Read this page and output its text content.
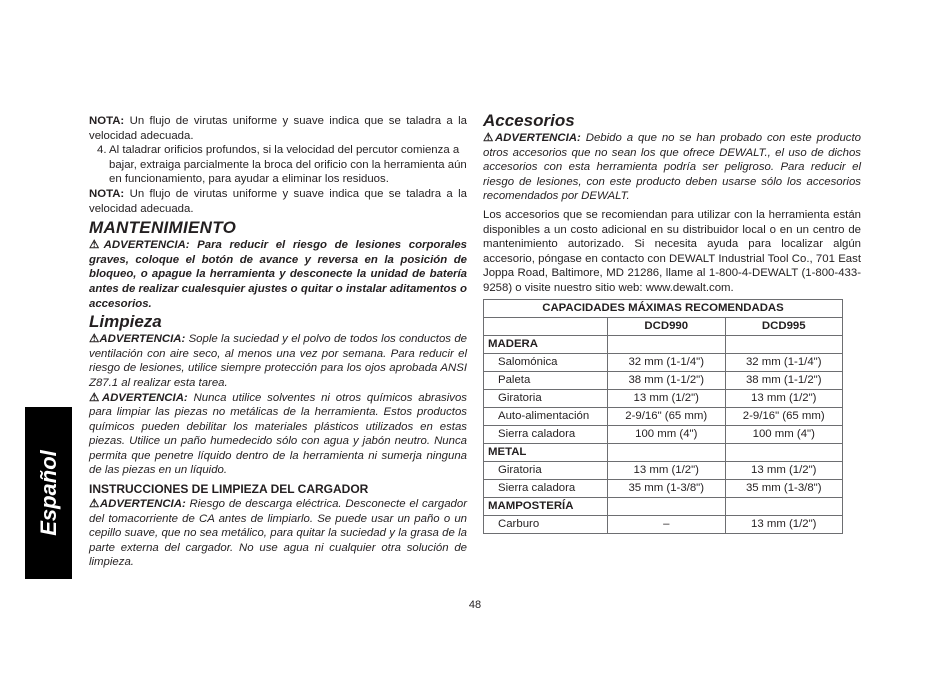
Español

NOTA: Un flujo de virutas uniforme y suave indica que se taladra a la velocidad adecuada.

4. Al taladrar orificios profundos, si la velocidad del percutor comienza a bajar, extraiga parcialmente la broca del orificio con la herramienta aún en funcionamiento, para ayudar a eliminar los residuos.

NOTA: Un flujo de virutas uniforme y suave indica que se taladra a la velocidad adecuada.

MANTENIMIENTO

⚠ADVERTENCIA: Para reducir el riesgo de lesiones corporales graves, coloque el botón de avance y reversa en la posición de bloqueo, o apague la herramienta y desconecte la unidad de batería antes de realizar cualesquier ajustes o quitar o instalar aditamentos o accesorios.

Limpieza

⚠ADVERTENCIA: Sople la suciedad y el polvo de todos los conductos de ventilación con aire seco, al menos una vez por semana. Para reducir el riesgo de lesiones, utilice siempre protección para los ojos aprobada ANSI Z87.1 al realizar esta tarea.

⚠ADVERTENCIA: Nunca utilice solventes ni otros químicos abrasivos para limpiar las piezas no metálicas de la herramienta. Estos productos químicos pueden debilitar los materiales plásticos utilizados en estas piezas. Utilice un paño humedecido sólo con agua y jabón neutro. Nunca permita que penetre líquido dentro de la herramienta ni sumerja ninguna de las piezas en un líquido.

INSTRUCCIONES DE LIMPIEZA DEL CARGADOR

⚠ADVERTENCIA: Riesgo de descarga eléctrica. Desconecte el cargador del tomacorriente de CA antes de limpiarlo. Se puede usar un paño o un cepillo suave, que no sea metálico, para quitar la suciedad y la grasa de la parte externa del cargador. No use agua ni cualquier otra solución de limpieza.

Accesorios

⚠ADVERTENCIA: Debido a que no se han probado con este producto otros accesorios que no sean los que ofrece DEWALT., el uso de dichos accesorios con esta herramienta podría ser peligroso. Para reducir el riesgo de lesiones, con este producto deben usarse sólo los accesorios recomendados por DEWALT.

Los accesorios que se recomiendan para utilizar con la herramienta están disponibles a un costo adicional en su distribuidor local o en un centro de mantenimiento autorizado. Si necesita ayuda para localizar algún accesorio, póngase en contacto con DEWALT Industrial Tool Co., 701 East Joppa Road, Baltimore, MD 21286, llame al 1-800-4-DEWALT (1-800-433-9258) o visite nuestro sitio web: www.dewalt.com.

CAPACIDADES MÁXIMAS RECOMENDADAS		
	DCD990	DCD995
MADERA		
Salomónica	32 mm (1-1/4")	32 mm (1-1/4")
Paleta	38 mm (1-1/2")	38 mm (1-1/2")
Giratoria	13 mm (1/2")	13 mm (1/2")
Auto-alimentación	2-9/16" (65 mm)	2-9/16" (65 mm)
Sierra caladora	100 mm (4")	100 mm (4")
METAL		
Giratoria	13 mm (1/2")	13 mm (1/2")
Sierra caladora	35 mm (1-3/8")	35 mm (1-3/8")
MAMPOSTERÍA		
Carburo	–	13 mm (1/2")
48
